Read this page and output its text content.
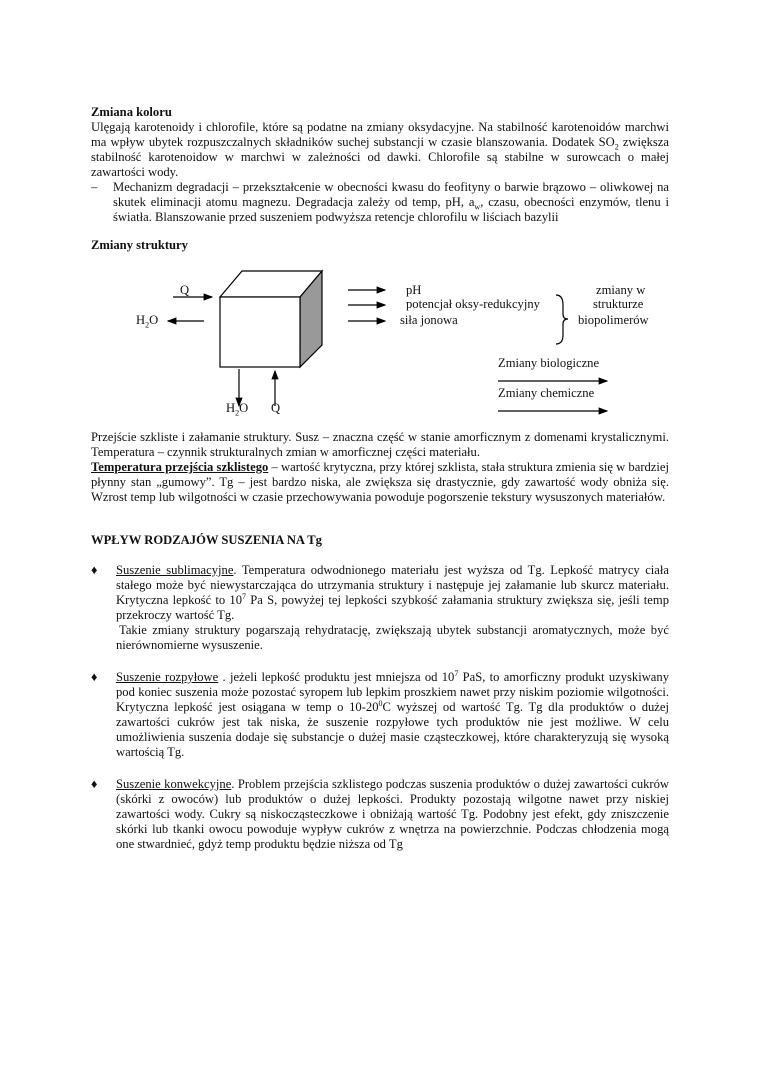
Zmiana koloru
Ulęgają karotenoidy i chlorofile, które są podatne na zmiany oksydacyjne. Na stabilność karotenoidów marchwi ma wpływ ubytek rozpuszczalnych składników suchej substancji w czasie blanszowania. Dodatek $SO_2$ zwiększa stabilność karotenoidow w marchwi w zależności od dawki. Chlorofile są stabilne w surowcach o małej zawartości wody.
– Mechanizm degradacji – przekształcenie w obecności kwasu do feofityny o barwie brązowo – oliwkowej na skutek eliminacji atomu magnezu. Degradacja zależy od temp, pH, $a_w$, czasu, obecności enzymów, tlenu i światła. Blanszowanie przed suszeniem podwyższa retencje chlorofilu w liściach bazylii
Zmiany struktury
Q
$H_2O$
$H_2O$ Q
pH
potencjał oksy-redukcyjny
siła jonowa
zmiany w
strukturze
biopolimerów
Zmiany biologiczne
Zmiany chemiczne
Przejście szkliste i załamanie struktury. Susz – znaczna część w stanie amorficznym z domenami krystalicznymi. Temperatura – czynnik strukturalnych zmian w amorficznej części materiału.
Temperatura przejścia szklistego – wartość krytyczna, przy której szklista, stała struktura zmienia się w bardziej płynny stan „gumowy”. Tg – jest bardzo niska, ale zwiększa się drastycznie, gdy zawartość wody obniża się. Wzrost temp lub wilgotności w czasie przechowywania powoduje pogorszenie tekstury wysuszonych materiałów.
WPŁYW RODZAJÓW SUSZENIA NA Tg
♦ Suszenie sublimacyjne. Temperatura odwodnionego materiału jest wyższa od Tg. Lepkość matrycy ciała stałego może być niewystarczająca do utrzymania struktury i następuje jej załamanie lub skurcz materiału. Krytyczna lepkość to $10^7$ Pa S, powyżej tej lepkości szybkość załamania struktury zwiększa się, jeśli temp przekroczy wartość Tg.
Takie zmiany struktury pogarszają rehydratację, zwiększają ubytek substancji aromatycznych, może być nierównomierne wysuszenie.
♦ Suszenie rozpyłowe . jeżeli lepkość produktu jest mniejsza od $10^7$ PaS, to amorficzny produkt uzyskiwany pod koniec suszenia może pozostać syropem lub lepkim proszkiem nawet przy niskim poziomie wilgotności. Krytyczna lepkość jest osiągana w temp o $10-20^0C$ wyższej od wartość Tg. Tg dla produktów o dużej zawartości cukrów jest tak niska, że suszenie rozpyłowe tych produktów nie jest możliwe. W celu umożliwienia suszenia dodaje się substancje o dużej masie cząsteczkowej, które charakteryzują się wysoką wartością Tg.
♦ Suszenie konwekcyjne. Problem przejścia szklistego podczas suszenia produktów o dużej zawartości cukrów (skórki z owoców) lub produktów o dużej lepkości. Produkty pozostają wilgotne nawet przy niskiej zawartości wody. Cukry są niskocząsteczkowe i obniżają wartość Tg. Podobny jest efekt, gdy zniszczenie skórki lub tkanki owocu powoduje wypływ cukrów z wnętrza na powierzchnie. Podczas chłodzenia mogą one stwardnieć, gdyż temp produktu będzie niższa od Tg
